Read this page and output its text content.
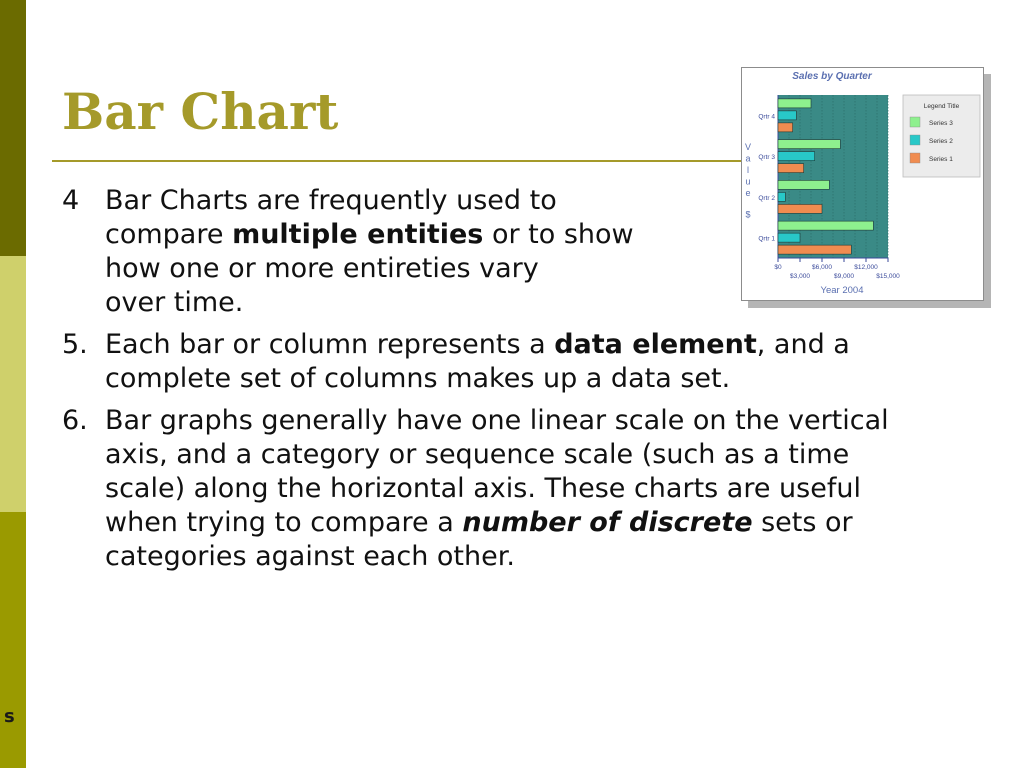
s
Bar Chart
4 Bar Charts are frequently used to
compare multiple entities or to show
how one or more entireties vary
over time.
5. Each bar or column represents a data element, and a complete set of columns makes up a data set.
6. Bar graphs generally have one linear scale on the vertical axis, and a category or sequence scale (such as a time scale) along the horizontal axis. These charts are useful when trying to compare a number of discrete sets or categories against each other.
Sales by Quarter
Qrtr 1
Qrtr 2
Qrtr 3
Qrtr 4
$0	$6,000	$12,000
$3,000	$9,000	$15,000
Year 2004
V
a
l
u
e
$
Legend Title
Series 3
Series 2
Series 1
